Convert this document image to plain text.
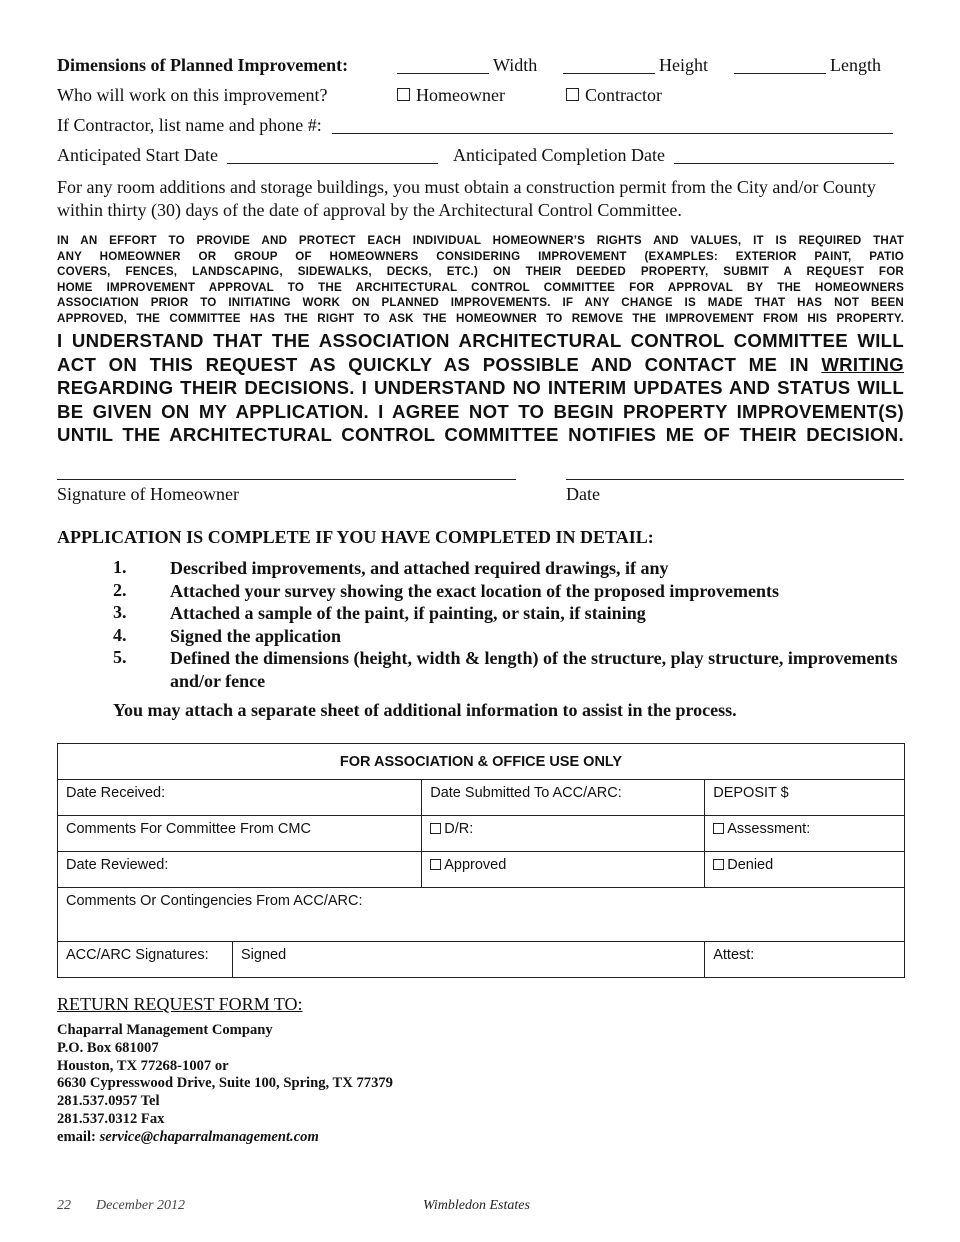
Dimensions of Planned Improvement:	Width	Height	Length
Who will work on this improvement?	Homeowner	Contractor
If Contractor, list name and phone #:
Anticipated Start Date	Anticipated Completion Date
For any room additions and storage buildings, you must obtain a construction permit from the City and/or County within thirty (30) days of the date of approval by the Architectural Control Committee.
IN AN EFFORT TO PROVIDE AND PROTECT EACH INDIVIDUAL HOMEOWNER’S RIGHTS AND VALUES, IT IS REQUIRED THAT
ANY HOMEOWNER OR GROUP OF HOMEOWNERS CONSIDERING IMPROVEMENT (EXAMPLES: EXTERIOR PAINT, PATIO
COVERS, FENCES, LANDSCAPING, SIDEWALKS, DECKS, ETC.) ON THEIR DEEDED PROPERTY, SUBMIT A REQUEST FOR
HOME IMPROVEMENT APPROVAL TO THE ARCHITECTURAL CONTROL COMMITTEE FOR APPROVAL BY THE HOMEOWNERS
ASSOCIATION PRIOR TO INITIATING WORK ON PLANNED IMPROVEMENTS. IF ANY CHANGE IS MADE THAT HAS NOT BEEN
APPROVED, THE COMMITTEE HAS THE RIGHT TO ASK THE HOMEOWNER TO REMOVE THE IMPROVEMENT FROM HIS PROPERTY.
I UNDERSTAND THAT THE ASSOCIATION ARCHITECTURAL CONTROL COMMITTEE WILL
ACT ON THIS REQUEST AS QUICKLY AS POSSIBLE AND CONTACT ME IN WRITING
REGARDING THEIR DECISIONS. I UNDERSTAND NO INTERIM UPDATES AND STATUS WILL
BE GIVEN ON MY APPLICATION. I AGREE NOT TO BEGIN PROPERTY IMPROVEMENT(S)
UNTIL THE ARCHITECTURAL CONTROL COMMITTEE NOTIFIES ME OF THEIR DECISION.
Signature of Homeowner	Date
APPLICATION IS COMPLETE IF YOU HAVE COMPLETED IN DETAIL:
1. Described improvements, and attached required drawings, if any
2. Attached your survey showing the exact location of the proposed improvements
3. Attached a sample of the paint, if painting, or stain, if staining
4. Signed the application
5. Defined the dimensions (height, width & length) of the structure, play structure, improvements and/or fence
You may attach a separate sheet of additional information to assist in the process.
FOR ASSOCIATION & OFFICE USE ONLY			
Date Received:		Date Submitted To ACC/ARC:	DEPOSIT $
Comments For Committee From CMC		D/R:	Assessment:
Date Reviewed:		Approved	Denied
Comments Or Contingencies From ACC/ARC:			
ACC/ARC Signatures:	Signed		Attest:
RETURN REQUEST FORM TO:
Chaparral Management Company
P.O. Box 681007
Houston, TX 77268-1007 or
6630 Cypresswood Drive, Suite 100, Spring, TX 77379
281.537.0957 Tel
281.537.0312 Fax
email: service@chaparralmanagement.com
22 December 2012	Wimbledon Estates
